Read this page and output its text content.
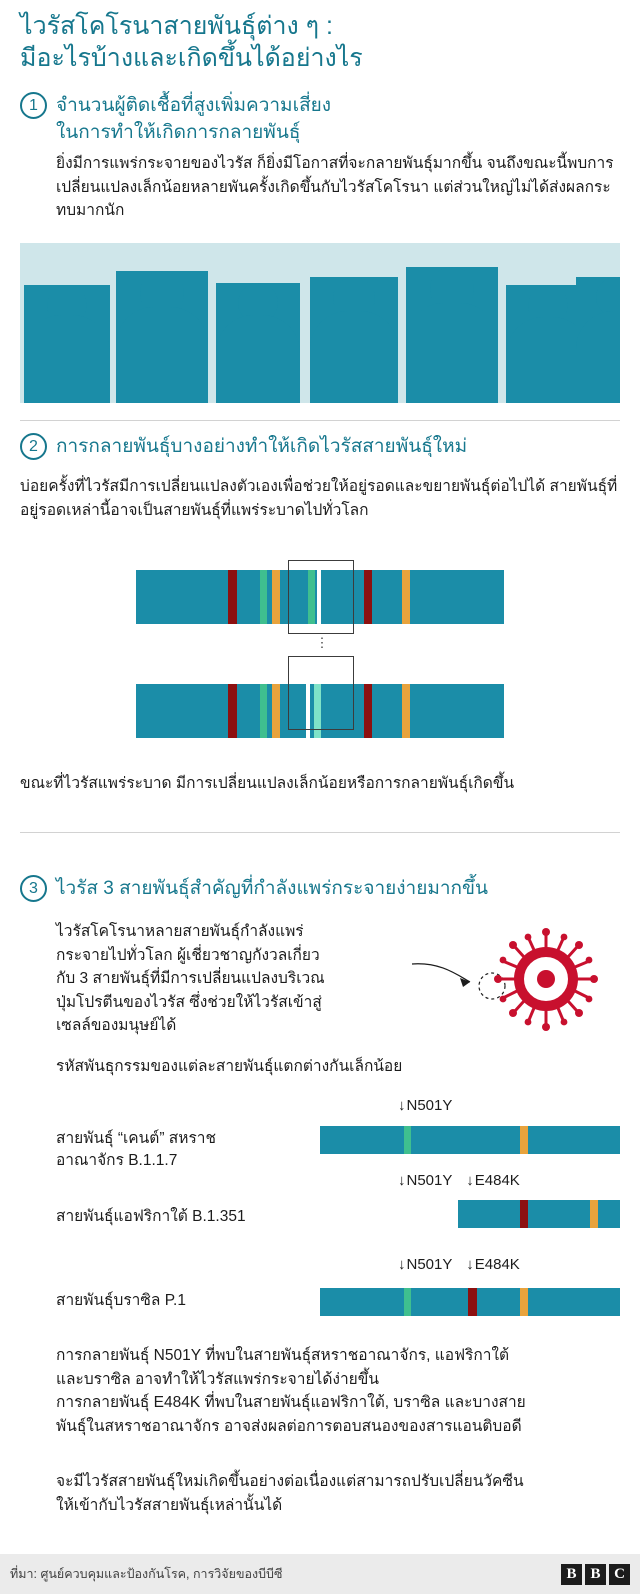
ไวรัสโคโรนาสายพันธุ์ต่าง ๆ :
มีอะไรบ้างและเกิดขึ้นได้อย่างไร
1 จำนวนผู้ติดเชื้อที่สูงเพิ่มความเสี่ยง
ในการทำให้เกิดการกลายพันธุ์
ยิ่งมีการแพร่กระจายของไวรัส ก็ยิ่งมีโอกาสที่จะกลายพันธุ์มากขึ้น จนถึงขณะนี้พบการเปลี่ยนแปลงเล็กน้อยหลายพันครั้งเกิดขึ้นกับไวรัสโคโรนา แต่ส่วนใหญ่ไม่ได้ส่งผลกระทบมากนัก
2 การกลายพันธุ์บางอย่างทำให้เกิดไวรัสสายพันธุ์ใหม่
บ่อยครั้งที่ไวรัสมีการเปลี่ยนแปลงตัวเองเพื่อช่วยให้อยู่รอดและขยายพันธุ์ต่อไปได้ สายพันธุ์ที่อยู่รอดเหล่านี้อาจเป็นสายพันธุ์ที่แพร่ระบาดไปทั่วโลก
⋮
ขณะที่ไวรัสแพร่ระบาด มีการเปลี่ยนแปลงเล็กน้อยหรือการกลายพันธุ์เกิดขึ้น
3 ไวรัส 3 สายพันธุ์สำคัญที่กำลังแพร่กระจายง่ายมากขึ้น
ไวรัสโคโรนาหลายสายพันธุ์กำลังแพร่
กระจายไปทั่วโลก ผู้เชี่ยวชาญกังวลเกี่ยว
กับ 3 สายพันธุ์ที่มีการเปลี่ยนแปลงบริเวณ
ปุ่มโปรตีนของไวรัส ซึ่งช่วยให้ไวรัสเข้าสู่
เซลล์ของมนุษย์ได้
รหัสพันธุกรรมของแต่ละสายพันธุ์แตกต่างกันเล็กน้อย
↓N501Y
สายพันธุ์ “เคนต์” สหราช
อาณาจักร B.1.1.7
↓N501Y ↓E484K
สายพันธุ์แอฟริกาใต้ B.1.351
↓N501Y ↓E484K
สายพันธุ์บราซิล P.1
การกลายพันธุ์ N501Y ที่พบในสายพันธุ์สหราชอาณาจักร, แอฟริกาใต้
และบราซิล อาจทำให้ไวรัสแพร่กระจายได้ง่ายขึ้น
การกลายพันธุ์ E484K ที่พบในสายพันธุ์แอฟริกาใต้, บราซิล และบางสาย
พันธุ์ในสหราชอาณาจักร อาจส่งผลต่อการตอบสนองของสารแอนติบอดี
จะมีไวรัสสายพันธุ์ใหม่เกิดขึ้นอย่างต่อเนื่องแต่สามารถปรับเปลี่ยนวัคซีน
ให้เข้ากับไวรัสสายพันธุ์เหล่านั้นได้
ที่มา: ศูนย์ควบคุมและป้องกันโรค, การวิจัยของบีบีซี	B B C
